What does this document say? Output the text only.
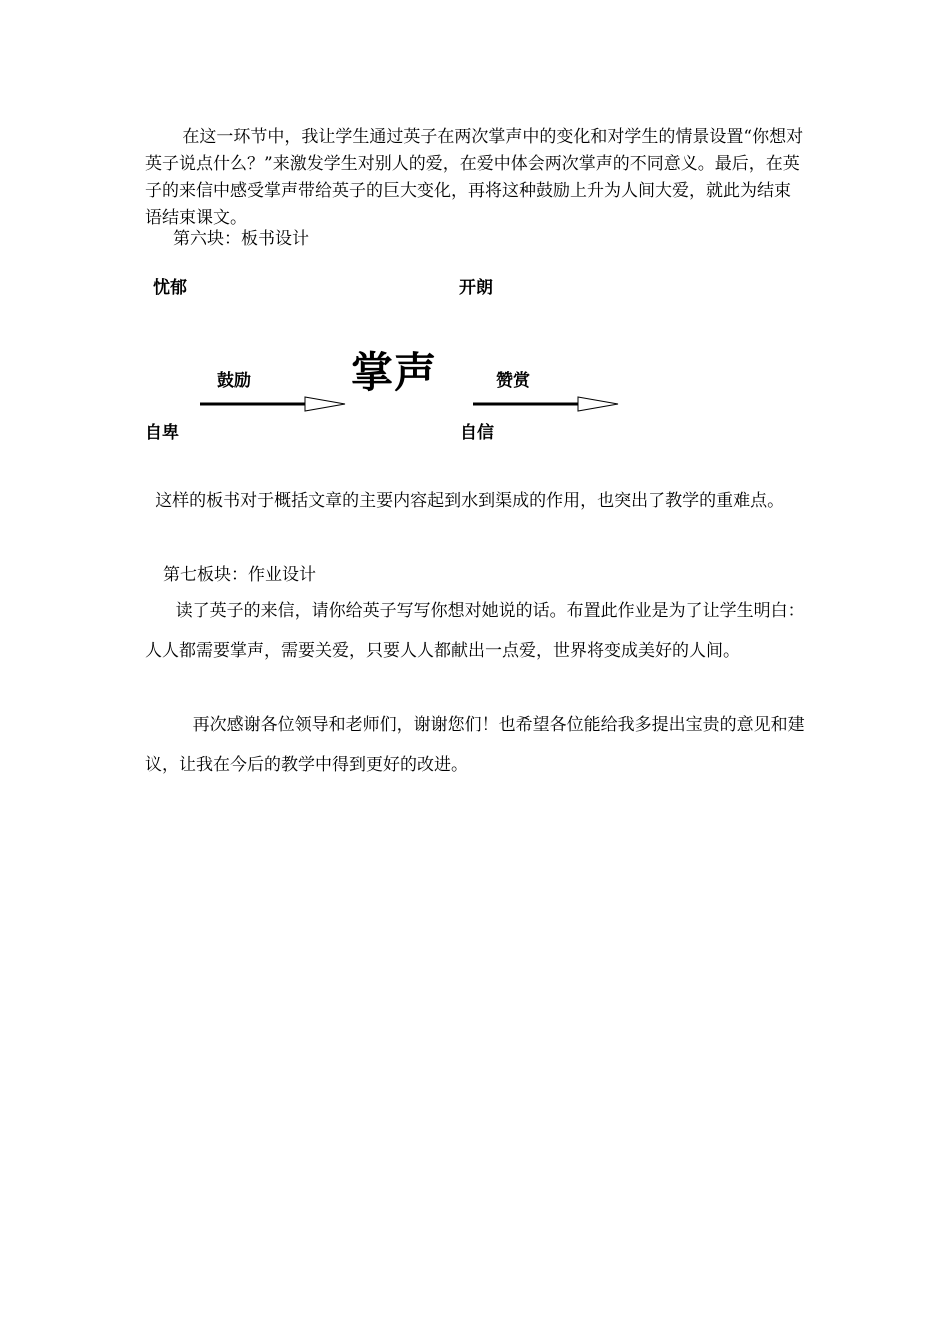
在这一环节中，我让学生通过英子在两次掌声中的变化和对学生的情景设置“你想对英子说点什么？”来激发学生对别人的爱，在爱中体会两次掌声的不同意义。最后，在英子的来信中感受掌声带给英子的巨大变化，再将这种鼓励上升为人间大爱，就此为结束语结束课文。

第六块：板书设计

忧郁	开朗
掌声
鼓励	赞赏
自卑	自信

这样的板书对于概括文章的主要内容起到水到渠成的作用，也突出了教学的重难点。

第七板块：作业设计

读了英子的来信，请你给英子写写你想对她说的话。布置此作业是为了让学生明白：人人都需要掌声，需要关爱，只要人人都献出一点爱，世界将变成美好的人间。

再次感谢各位领导和老师们，谢谢您们！也希望各位能给我多提出宝贵的意见和建议，让我在今后的教学中得到更好的改进。
